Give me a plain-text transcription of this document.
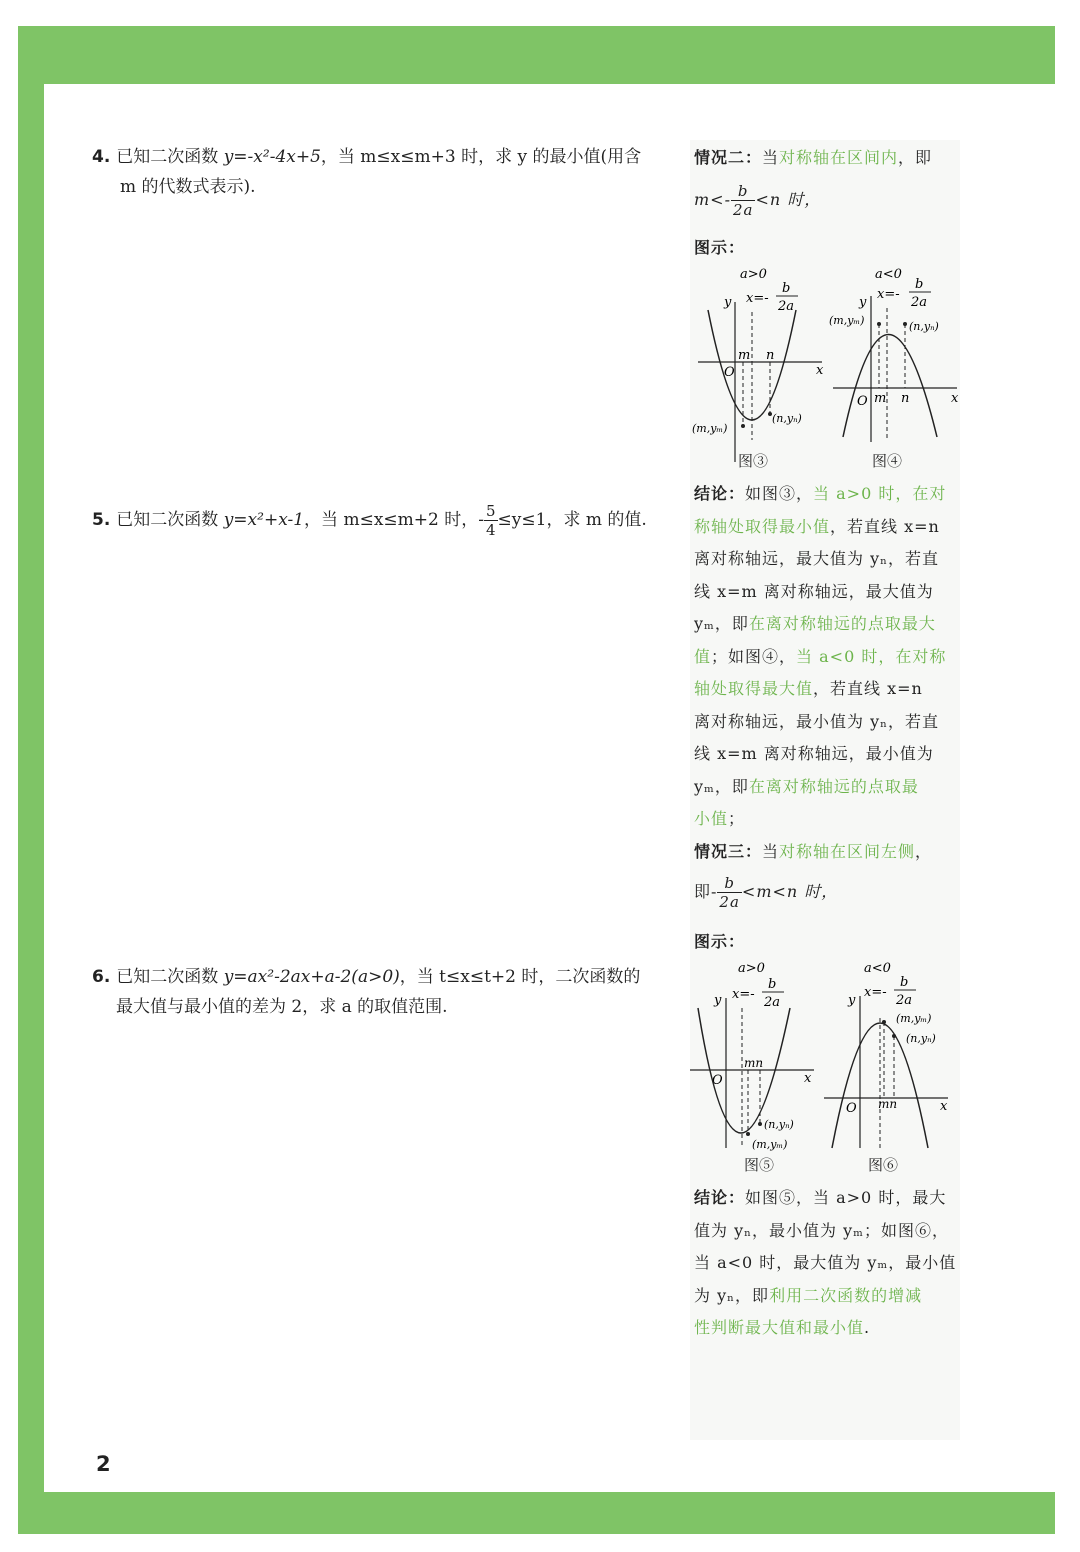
4. 已知二次函数 y=-x²-4x+5，当 m≤x≤m+3 时，求 y 的最小值(用含
m 的代数式表示).
5. 已知二次函数 y=x²+x-1，当 m≤x≤m+2 时，- $\frac{5}{4} \le y\le 1$，求 m 的值.
6. 已知二次函数 y=ax²-2ax+a-2(a>0)，当 t≤x≤t+2 时，二次函数的
最大值与最小值的差为 2，求 a 的取值范围.
情况二：当对称轴在区间内，即
$m<- \frac{b}{2a} <n$ 时，
图示：
a>0
x=-
b
2a
y
x
O
m n
(m,yₘ)
(n,yₙ)
图③
a<0
x=-
b
2a
y
x
O m n
(m,yₘ)	(n,yₙ)
图④
结论：如图③，当 a>0 时，在对
称轴处取得最小值，若直线 x=n
离对称轴远，最大值为 yₙ，若直
线 x=m 离对称轴远，最大值为
yₘ，即在离对称轴远的点取最大
值；如图④，当 a<0 时，在对称
轴处取得最大值，若直线 x=n
离对称轴远，最小值为 yₙ，若直
线 x=m 离对称轴远，最小值为
yₘ，即在离对称轴远的点取最
小值；
情况三：当对称轴在区间左侧，
即- $\frac{b}{2a} <m<n$ 时，
图示：
a>0
x=-
b
2a
y
x
O
mn
(m,yₘ)
(n,yₙ)
图⑤
a<0
x=-
b
2a
y
x
O mn
(m,yₘ)
(n,yₙ)
图⑥
结论：如图⑤，当 a>0 时，最大
值为 yₙ，最小值为 yₘ；如图⑥，
当 a<0 时，最大值为 yₘ，最小值
为 yₙ，即利用二次函数的增减
性判断最大值和最小值.
2
